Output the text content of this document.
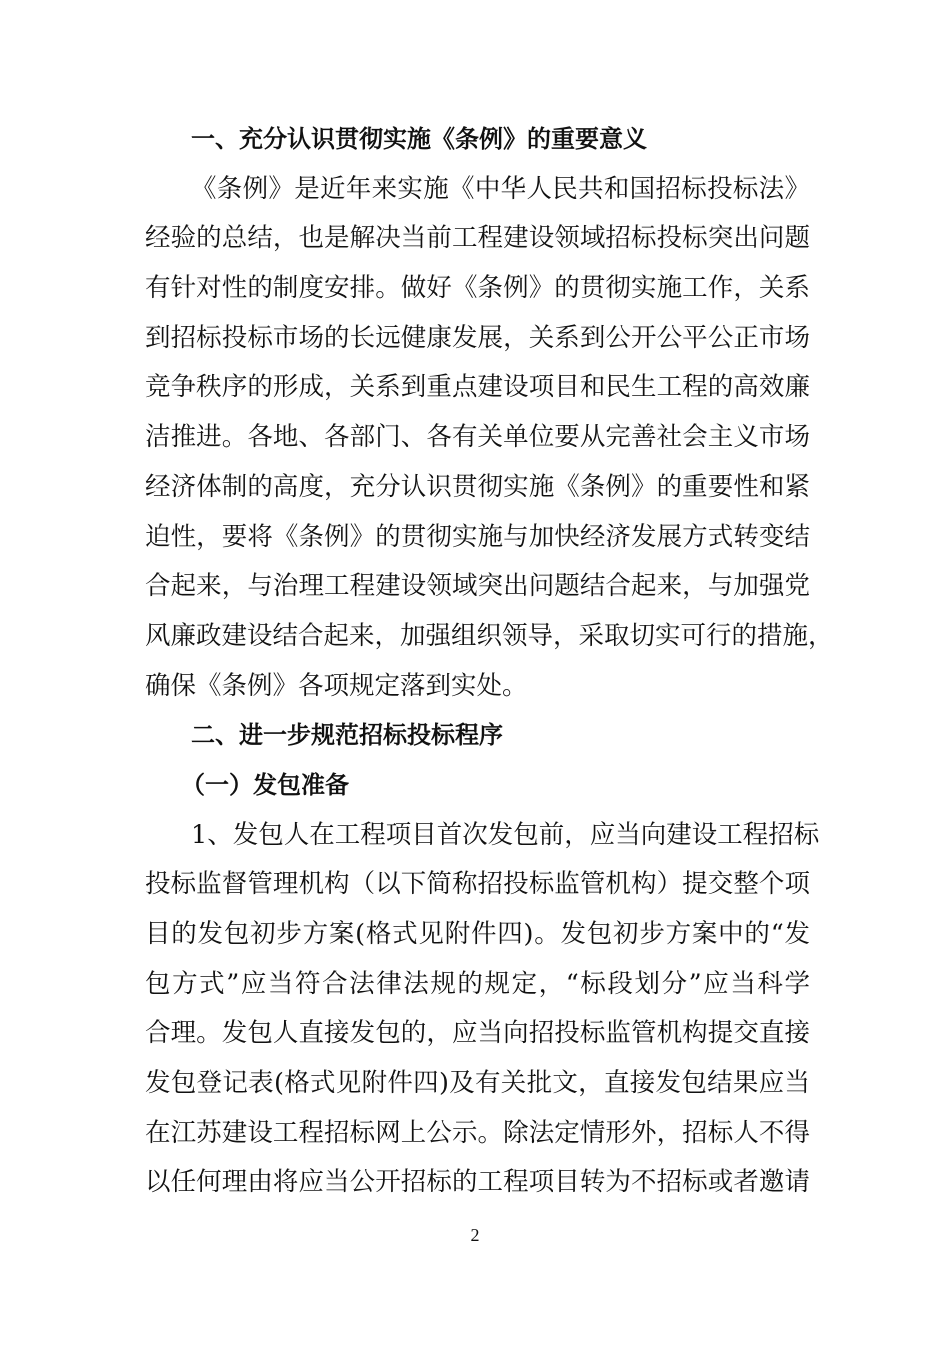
一、充分认识贯彻实施《条例》的重要意义
《条例》是近年来实施《中华人民共和国招标投标法》
经验的总结，也是解决当前工程建设领域招标投标突出问题
有针对性的制度安排。做好《条例》的贯彻实施工作，关系
到招标投标市场的长远健康发展，关系到公开公平公正市场
竞争秩序的形成，关系到重点建设项目和民生工程的高效廉
洁推进。各地、各部门、各有关单位要从完善社会主义市场
经济体制的高度，充分认识贯彻实施《条例》的重要性和紧
迫性，要将《条例》的贯彻实施与加快经济发展方式转变结
合起来，与治理工程建设领域突出问题结合起来，与加强党
风廉政建设结合起来，加强组织领导，采取切实可行的措施，
确保《条例》各项规定落到实处。
二、进一步规范招标投标程序
（一）发包准备
1、发包人在工程项目首次发包前，应当向建设工程招标
投标监督管理机构（以下简称招投标监管机构）提交整个项
目的发包初步方案(格式见附件四)。发包初步方案中的“发
包方式”应当符合法律法规的规定，“标段划分”应当科学
合理。发包人直接发包的，应当向招投标监管机构提交直接
发包登记表(格式见附件四)及有关批文，直接发包结果应当
在江苏建设工程招标网上公示。除法定情形外，招标人不得
以任何理由将应当公开招标的工程项目转为不招标或者邀请
2
